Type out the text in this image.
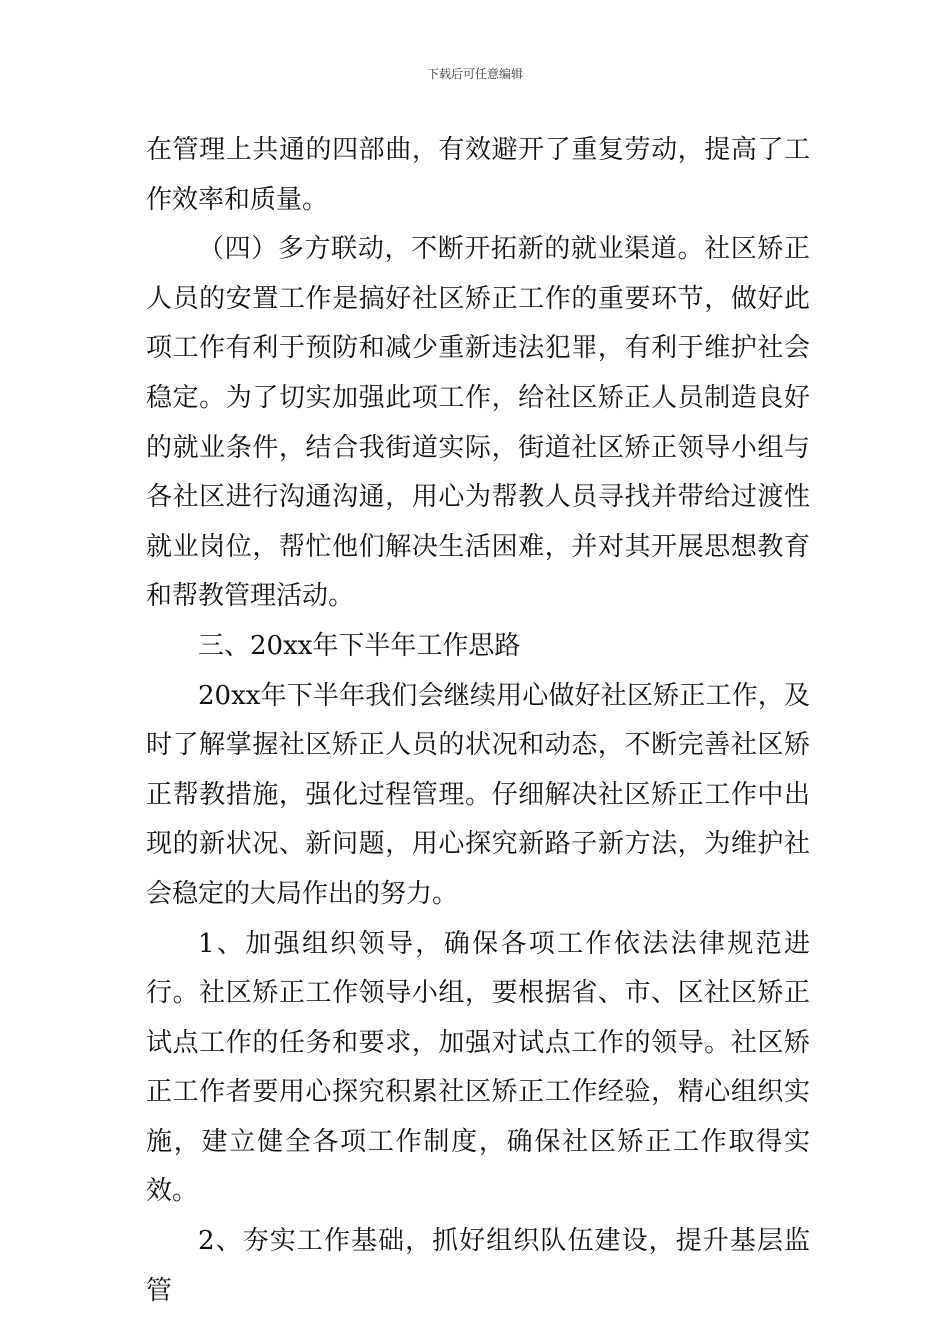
下载后可任意编辑

在管理上共通的四部曲，有效避开了重复劳动，提高了工作效率和质量。

（四）多方联动，不断开拓新的就业渠道。社区矫正人员的安置工作是搞好社区矫正工作的重要环节，做好此项工作有利于预防和减少重新违法犯罪，有利于维护社会稳定。为了切实加强此项工作，给社区矫正人员制造良好的就业条件，结合我街道实际，街道社区矫正领导小组与各社区进行沟通沟通，用心为帮教人员寻找并带给过渡性就业岗位，帮忙他们解决生活困难，并对其开展思想教育和帮教管理活动。

三、20xx年下半年工作思路

20xx年下半年我们会继续用心做好社区矫正工作，及时了解掌握社区矫正人员的状况和动态，不断完善社区矫正帮教措施，强化过程管理。仔细解决社区矫正工作中出现的新状况、新问题，用心探究新路子新方法，为维护社会稳定的大局作出的努力。

1、加强组织领导，确保各项工作依法法律规范进行。社区矫正工作领导小组，要根据省、市、区社区矫正试点工作的任务和要求，加强对试点工作的领导。社区矫正工作者要用心探究积累社区矫正工作经验，精心组织实施，建立健全各项工作制度，确保社区矫正工作取得实效。

2、夯实工作基础，抓好组织队伍建设，提升基层监管
